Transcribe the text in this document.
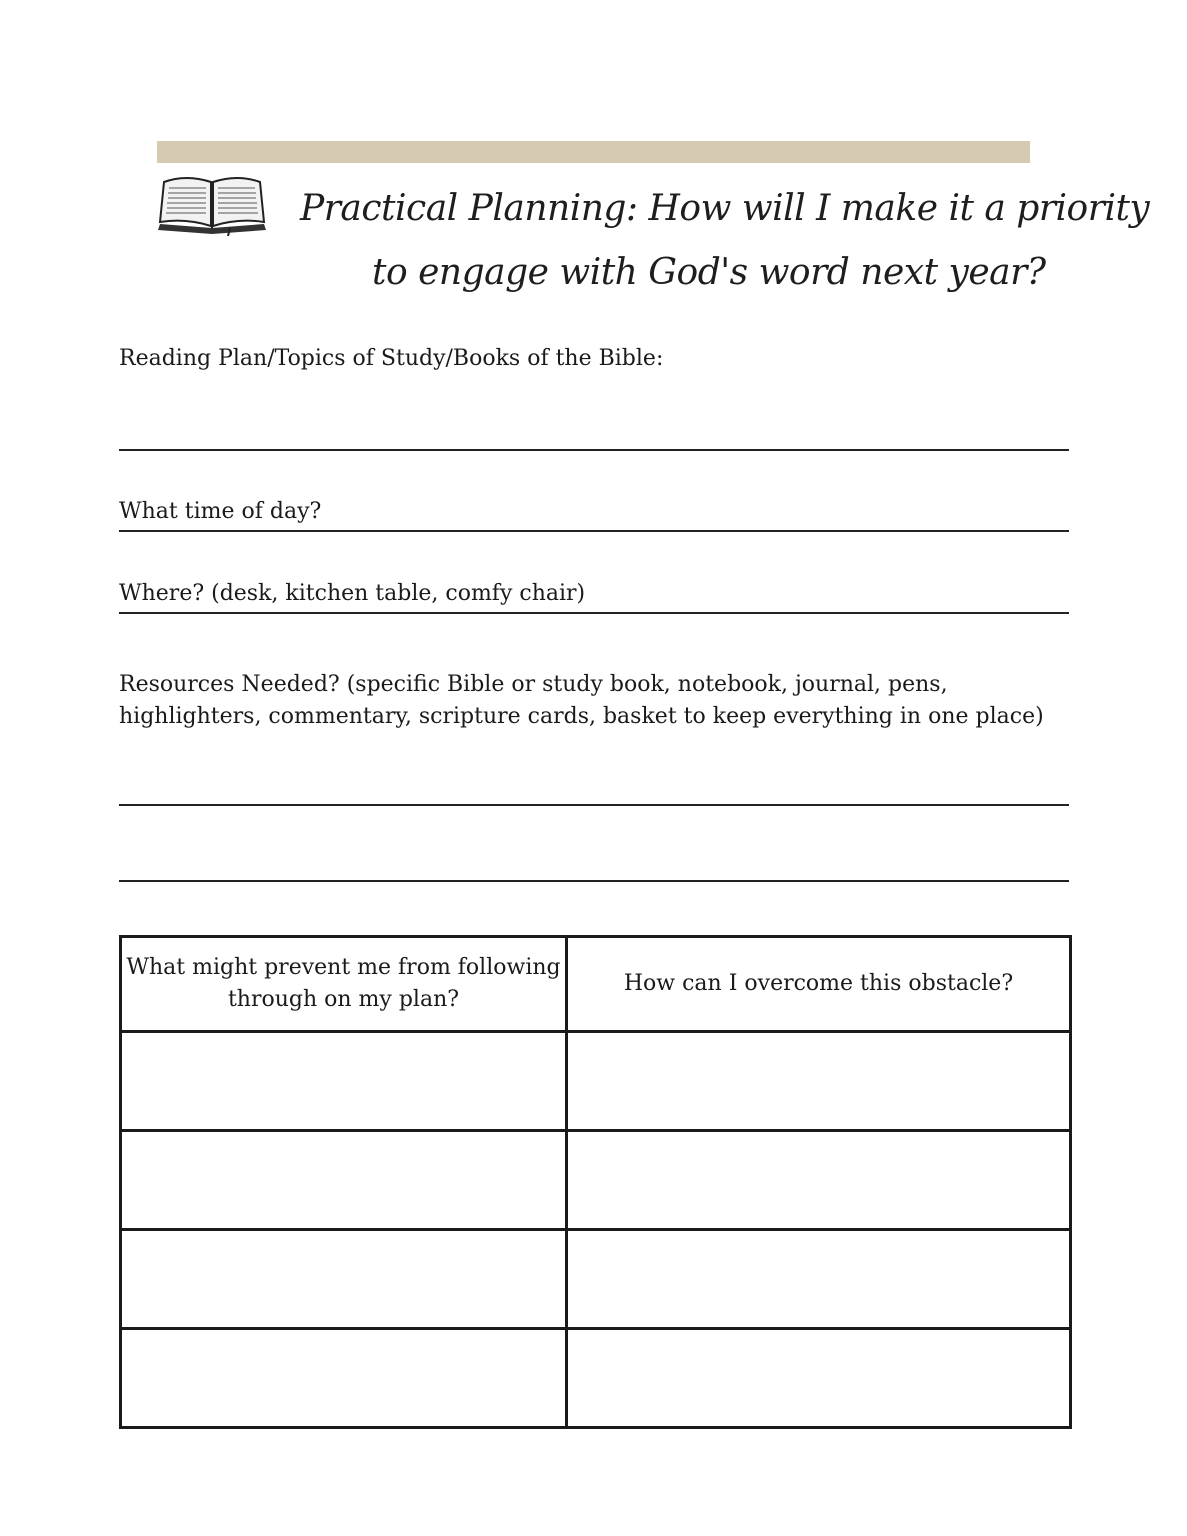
Practical Planning: How will I make it a priority
to engage with God's word next year?
Reading Plan/Topics of Study/Books of the Bible:
What time of day?
Where? (desk, kitchen table, comfy chair)
Resources Needed? (specific Bible or study book, notebook, journal, pens, highlighters, commentary, scripture cards, basket to keep everything in one place)
What might prevent me from following through on my plan?	How can I overcome this obstacle?
